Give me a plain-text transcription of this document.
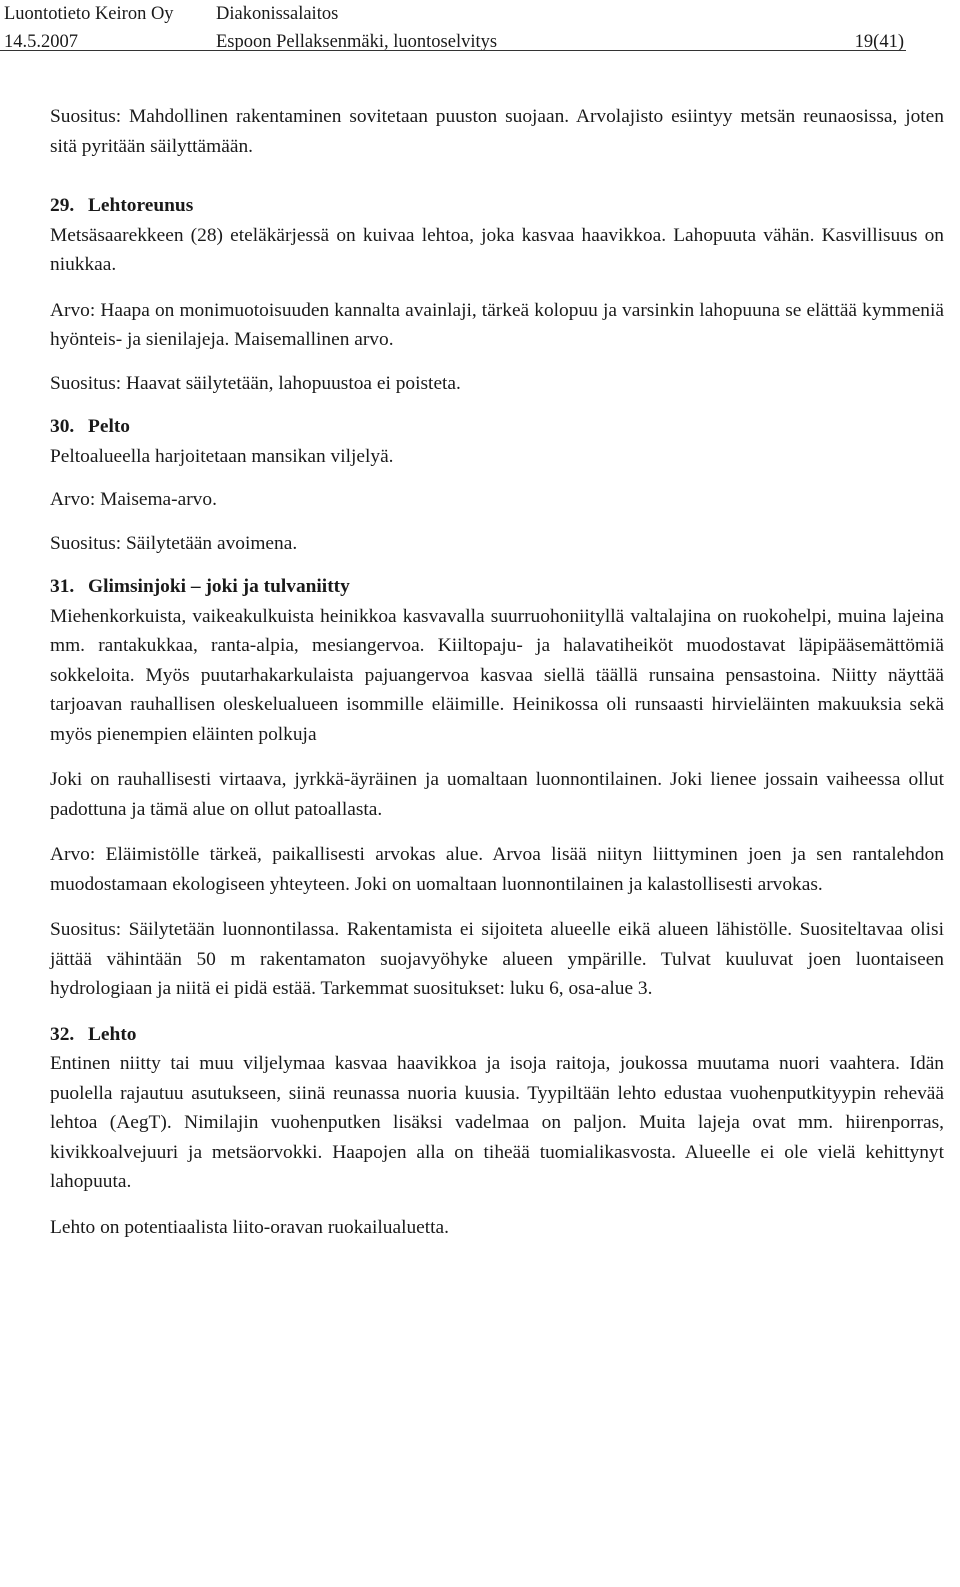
Luontotieto Keiron Oy	Diakonissalaitos
14.5.2007	Espoon Pellaksenmäki, luontoselvitys	19(41)

Suositus: Mahdollinen rakentaminen sovitetaan puuston suojaan. Arvolajisto esiintyy metsän reunaosissa, joten sitä pyritään säilyttämään.

29. Lehtoreunus

Metsäsaarekkeen (28) eteläkärjessä on kuivaa lehtoa, joka kasvaa haavikkoa. Lahopuuta vähän. Kasvillisuus on niukkaa.

Arvo: Haapa on monimuotoisuuden kannalta avainlaji, tärkeä kolopuu ja varsinkin lahopuuna se elättää kymmeniä hyönteis- ja sienilajeja. Maisemallinen arvo.

Suositus: Haavat säilytetään, lahopuustoa ei poisteta.

30. Pelto

Peltoalueella harjoitetaan mansikan viljelyä.

Arvo: Maisema-arvo.

Suositus: Säilytetään avoimena.

31. Glimsinjoki – joki ja tulvaniitty

Miehenkorkuista, vaikeakulkuista heinikkoa kasvavalla suurruohoniityllä valtalajina on ruokohelpi, muina lajeina mm. rantakukkaa, ranta-alpia, mesiangervoa. Kiiltopaju- ja halavatiheiköt muodostavat läpipääsemättömiä sokkeloita. Myös puutarhakarkulaista pajuangervoa kasvaa siellä täällä runsaina pensastoina. Niitty näyttää tarjoavan rauhallisen oleskelualueen isommille eläimille. Heinikossa oli runsaasti hirvieläinten makuuksia sekä myös pienempien eläinten polkuja

Joki on rauhallisesti virtaava, jyrkkä-äyräinen ja uomaltaan luonnontilainen. Joki lienee jossain vaiheessa ollut padottuna ja tämä alue on ollut patoallasta.

Arvo: Eläimistölle tärkeä, paikallisesti arvokas alue. Arvoa lisää niityn liittyminen joen ja sen rantalehdon muodostamaan ekologiseen yhteyteen. Joki on uomaltaan luonnontilainen ja kalastollisesti arvokas.

Suositus: Säilytetään luonnontilassa. Rakentamista ei sijoiteta alueelle eikä alueen lähistölle. Suositeltavaa olisi jättää vähintään 50 m rakentamaton suojavyöhyke alueen ympärille. Tulvat kuuluvat joen luontaiseen hydrologiaan ja niitä ei pidä estää. Tarkemmat suositukset: luku 6, osa-alue 3.

32. Lehto

Entinen niitty tai muu viljelymaa kasvaa haavikkoa ja isoja raitoja, joukossa muutama nuori vaahtera. Idän puolella rajautuu asutukseen, siinä reunassa nuoria kuusia. Tyypiltään lehto edustaa vuohenputkityypin rehevää lehtoa (AegT). Nimilajin vuohenputken lisäksi vadelmaa on paljon. Muita lajeja ovat mm. hiirenporras, kivikkoalvejuuri ja metsäorvokki. Haapojen alla on tiheää tuomialikasvosta. Alueelle ei ole vielä kehittynyt lahopuuta.

Lehto on potentiaalista liito-oravan ruokailualuetta.
